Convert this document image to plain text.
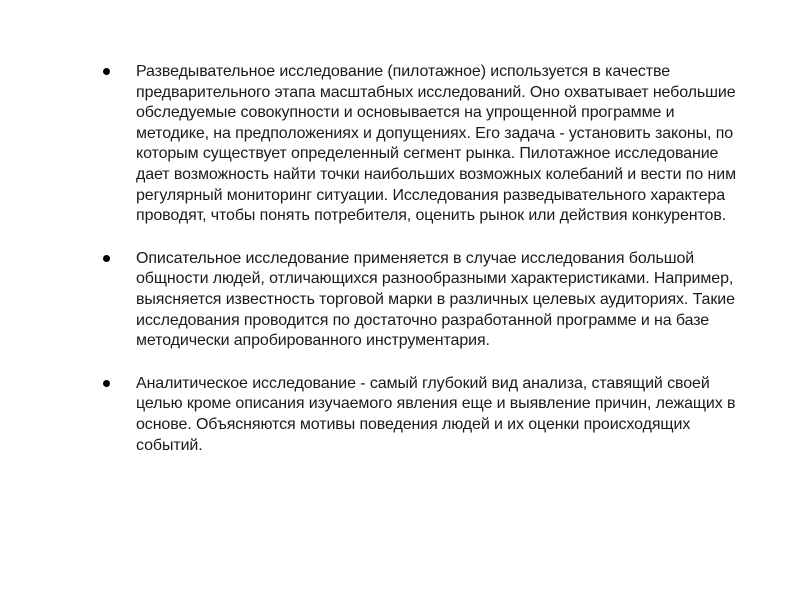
Разведывательное исследование (пилотажное) используется в качестве предварительного этапа масштабных исследований. Оно охватывает небольшие обследуемые совокупности и основывается на упрощенной программе и методике, на предположениях и допущениях. Его задача - установить законы, по которым существует определенный сегмент рынка. Пилотажное исследование дает возможность найти точки наибольших возможных колебаний и вести по ним регулярный мониторинг ситуации. Исследования разведывательного характера проводят, чтобы понять потребителя, оценить рынок или действия конкурентов.
Описательное исследование применяется в случае исследования большой общности людей, отличающихся разнообразными характеристиками. Например, выясняется известность торговой марки в различных целевых аудиториях. Такие исследования проводится по достаточно разработанной программе и на базе методически апробированного инструментария.
Аналитическое исследование - самый глубокий вид анализа, ставящий своей целью кроме описания изучаемого явления еще и выявление причин, лежащих в основе. Объясняются мотивы поведения людей и их оценки происходящих событий.
